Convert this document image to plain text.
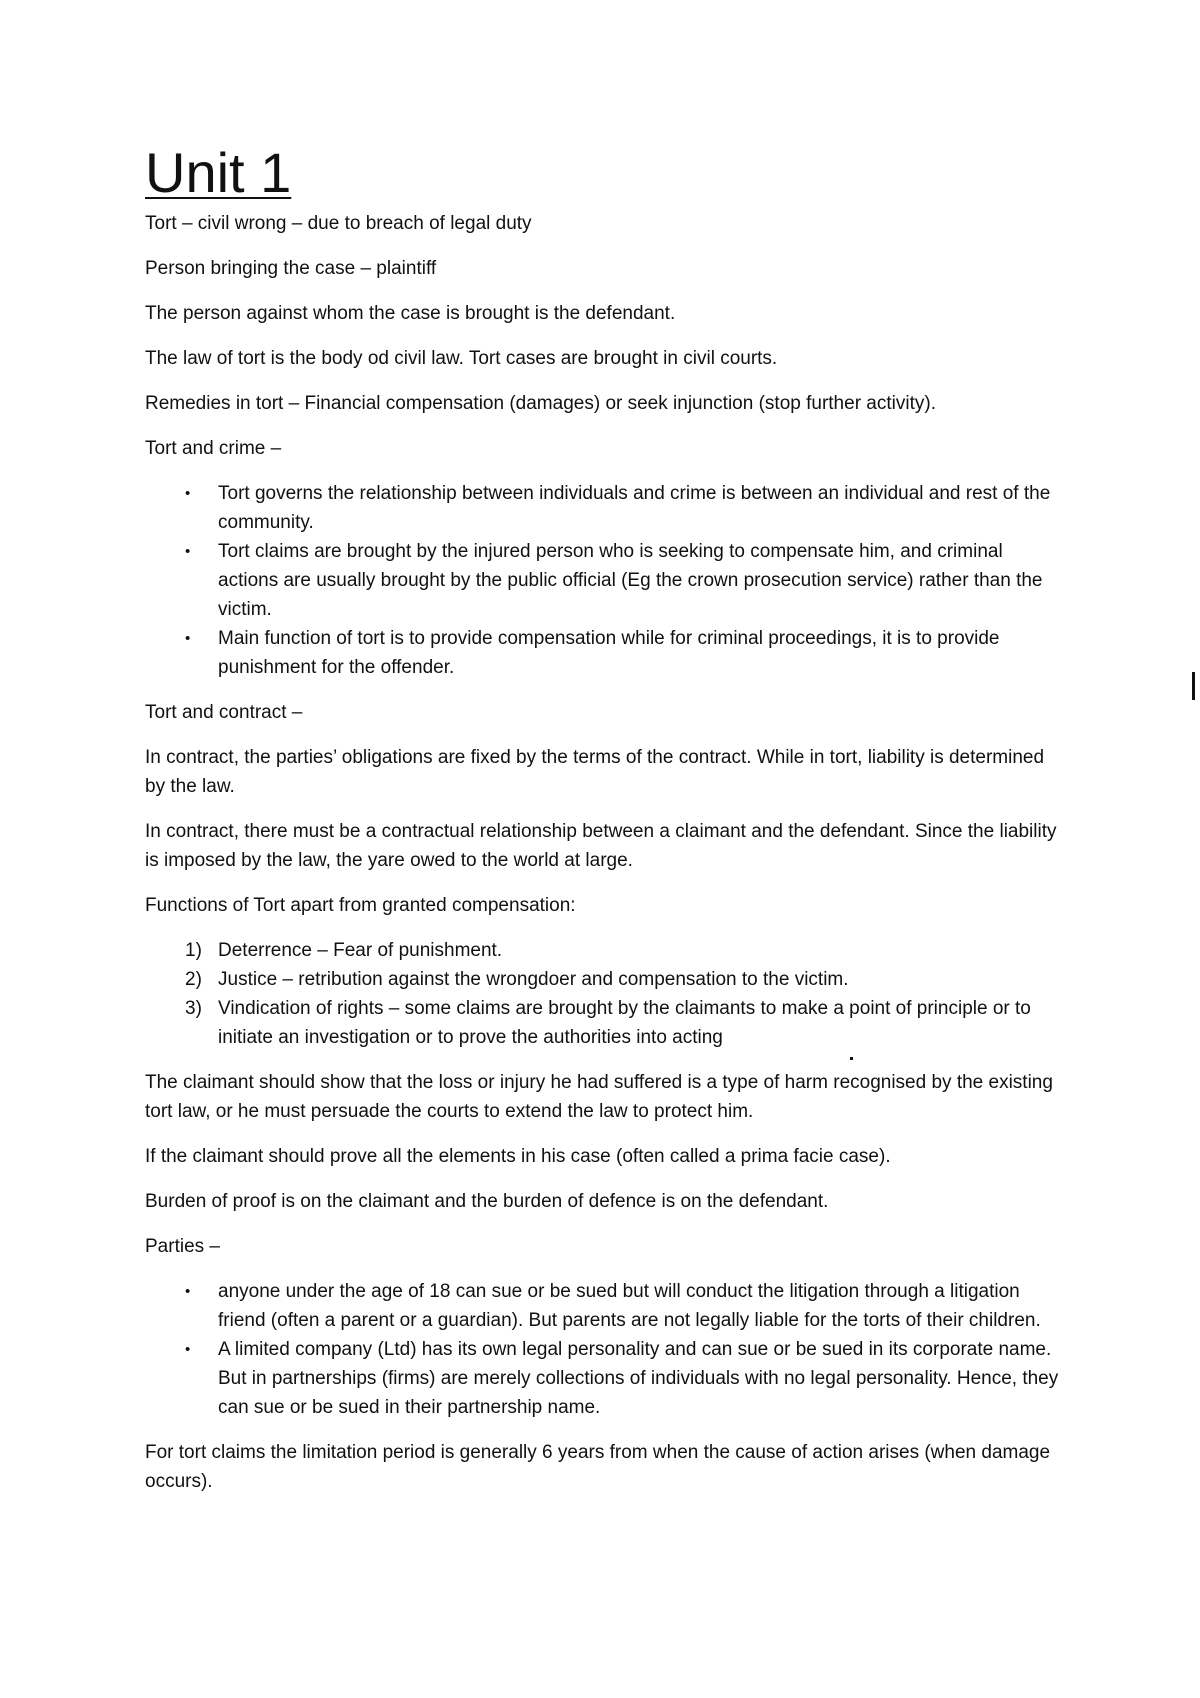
Unit 1

Tort – civil wrong – due to breach of legal duty

Person bringing the case – plaintiff

The person against whom the case is brought is the defendant.

The law of tort is the body od civil law. Tort cases are brought in civil courts.

Remedies in tort – Financial compensation (damages) or seek injunction (stop further activity).

Tort and crime –

• Tort governs the relationship between individuals and crime is between an individual and rest of the community.
• Tort claims are brought by the injured person who is seeking to compensate him, and criminal actions are usually brought by the public official (Eg the crown prosecution service) rather than the victim.
• Main function of tort is to provide compensation while for criminal proceedings, it is to provide punishment for the offender.

Tort and contract –

In contract, the parties’ obligations are fixed by the terms of the contract. While in tort, liability is determined by the law.

In contract, there must be a contractual relationship between a claimant and the defendant. Since the liability is imposed by the law, the yare owed to the world at large.

Functions of Tort apart from granted compensation:

1) Deterrence – Fear of punishment.
2) Justice – retribution against the wrongdoer and compensation to the victim.
3) Vindication of rights – some claims are brought by the claimants to make a point of principle or to initiate an investigation or to prove the authorities into acting

The claimant should show that the loss or injury he had suffered is a type of harm recognised by the existing tort law, or he must persuade the courts to extend the law to protect him.

If the claimant should prove all the elements in his case (often called a prima facie case).

Burden of proof is on the claimant and the burden of defence is on the defendant.

Parties –

• anyone under the age of 18 can sue or be sued but will conduct the litigation through a litigation friend (often a parent or a guardian). But parents are not legally liable for the torts of their children.
• A limited company (Ltd) has its own legal personality and can sue or be sued in its corporate name. But in partnerships (firms) are merely collections of individuals with no legal personality. Hence, they can sue or be sued in their partnership name.

For tort claims the limitation period is generally 6 years from when the cause of action arises (when damage occurs).
